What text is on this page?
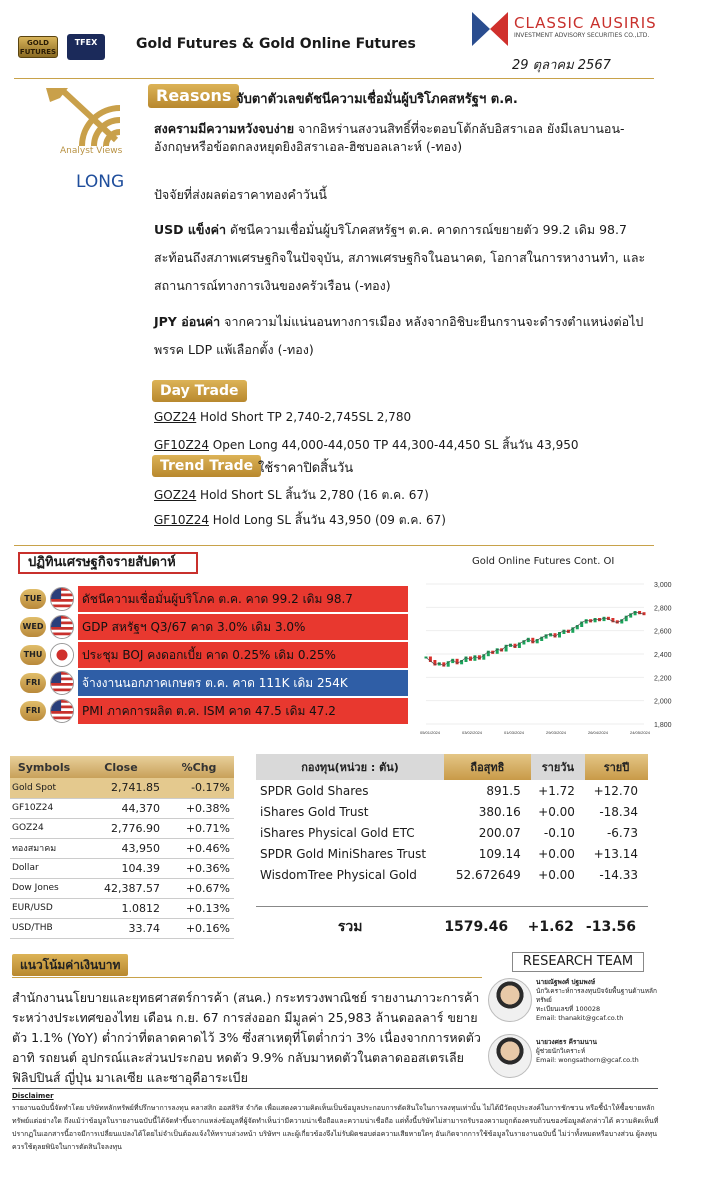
GOLD FUTURES
TFEX	Gold Futures & Gold Online Futures
CLASSIC AUSIRIS
INVESTMENT ADVISORY SECURITIES CO.,LTD.
29 ตุลาคม 2567
Analyst Views
LONG
Reasons จับตาตัวเลขดัชนีความเชื่อมั่นผู้บริโภคสหรัฐฯ ต.ค.
สงครามมีความหวังจบง่าย จากอิหร่านสงวนสิทธิ์ที่จะตอบโต้กลับอิสราเอล ยังมีเลบานอน-อังกฤษหรือข้อตกลงหยุดยิงอิสราเอล-ฮิซบอลเลาะห์ (-ทอง)
ปัจจัยที่ส่งผลต่อราคาทองคำวันนี้
USD แข็งค่า ดัชนีความเชื่อมั่นผู้บริโภคสหรัฐฯ ต.ค. คาดการณ์ขยายตัว 99.2 เดิม 98.7 สะท้อนถึงสภาพเศรษฐกิจในปัจจุบัน, สภาพเศรษฐกิจในอนาคต, โอกาสในการหางานทำ, และสถานการณ์ทางการเงินของครัวเรือน (-ทอง)
JPY อ่อนค่า จากความไม่แน่นอนทางการเมือง หลังจากอิชิบะยืนกรานจะดำรงตำแหน่งต่อไป พรรค LDP แพ้เลือกตั้ง (-ทอง)
Day Trade
GOZ24 Hold Short TP 2,740-2,745SL 2,780
GF10Z24 Open Long 44,000-44,050 TP 44,300-44,450 SL สิ้นวัน 43,950
Trend Trade ใช้ราคาปิดสิ้นวัน
GOZ24 Hold Short SL สิ้นวัน 2,780 (16 ต.ค. 67)
GF10Z24 Hold Long SL สิ้นวัน 43,950 (09 ต.ค. 67)
ปฏิทินเศรษฐกิจรายสัปดาห์
TUE	ดัชนีความเชื่อมั่นผู้บริโภค ต.ค. คาด 99.2 เดิม 98.7
WED	GDP สหรัฐฯ Q3/67 คาด 3.0% เดิม 3.0%
THU	ประชุม BOJ คงดอกเบี้ย คาด 0.25% เดิม 0.25%
FRI	จ้างงานนอกภาคเกษตร ต.ค. คาด 111K เดิม 254K
FRI	PMI ภาคการผลิต ต.ค. ISM คาด 47.5 เดิม 47.2
Gold Online Futures Cont. OI
3,000
2,800
2,600
2,400
2,200
2,000
1,800
05/01/2024	03/02/2024	01/03/2024	29/03/2024	26/04/2024	24/05/2024
Symbols	Close	%Chg
Gold Spot	2,741.85	-0.17%
GF10Z24	44,370	+0.38%
GOZ24	2,776.90	+0.71%
ทองสมาคม	43,950	+0.46%
Dollar	104.39	+0.36%
Dow Jones	42,387.57	+0.67%
EUR/USD	1.0812	+0.13%
USD/THB	33.74	+0.16%
กองทุน(หน่วย : ตัน)	ถือสุทธิ	รายวัน	รายปี
SPDR Gold Shares	891.5	+1.72	+12.70
iShares Gold Trust	380.16	+0.00	-18.34
iShares Physical Gold ETC	200.07	-0.10	-6.73
SPDR Gold MiniShares Trust	109.14	+0.00	+13.14
WisdomTree Physical Gold	52.672649	+0.00	-14.33
รวม	1579.46	+1.62	-13.56
แนวโน้มค่าเงินบาท
สำนักงานนโยบายและยุทธศาสตร์การค้า (สนค.) กระทรวงพาณิชย์ รายงานภาวะการค้าระหว่างประเทศของไทย เดือน ก.ย. 67 การส่งออก มีมูลค่า 25,983 ล้านดอลลาร์ ขยายตัว 1.1% (YoY) ต่ำกว่าที่ตลาดคาดไว้ 3% ซึ่งสาเหตุที่โตต่ำกว่า 3% เนื่องจากการหดตัว อาทิ รถยนต์ อุปกรณ์และส่วนประกอบ หดตัว 9.9% กลับมาหดตัวในตลาดออสเตรเลีย ฟิลิปปินส์ ญี่ปุ่น มาเลเซีย และซาอุดีอาระเบีย
RESEARCH TEAM
นายณัฐพงศ์ ปฐมพงษ์
นักวิเคราะห์การลงทุนปัจจัยพื้นฐานด้านหลักทรัพย์
ทะเบียนเลขที่ 100028
Email: thanakit@gcaf.co.th
นายวงศธร คีรามนาน
ผู้ช่วยนักวิเคราะห์
Email: wongsathorn@gcaf.co.th
Disclaimer
รายงานฉบับนี้จัดทำโดย บริษัทหลักทรัพย์ที่ปรึกษาการลงทุน คลาสสิก ออสสิริส จำกัด เพื่อแสดงความคิดเห็นเป็นข้อมูลประกอบการตัดสินใจในการลงทุนเท่านั้น ไม่ได้มีวัตถุประสงค์ในการชักชวน หรือชี้นำให้ซื้อขายหลักทรัพย์แต่อย่างใด ถึงแม้ว่าข้อมูลในรายงานฉบับนี้ได้จัดทำขึ้นจากแหล่งข้อมูลที่ผู้จัดทำเห็นว่ามีความน่าเชื่อถือและความน่าเชื่อถือ แต่ทั้งนี้บริษัทไม่สามารถรับรองความถูกต้องครบถ้วนของข้อมูลดังกล่าวได้ ความคิดเห็นที่ปรากฏในเอกสารนี้อาจมีการเปลี่ยนแปลงได้โดยไม่จำเป็นต้องแจ้งให้ทราบล่วงหน้า บริษัทฯ และผู้เกี่ยวข้องจึงไม่รับผิดชอบต่อความเสียหายใดๆ อันเกิดจากการใช้ข้อมูลในรายงานฉบับนี้ ไม่ว่าทั้งหมดหรือบางส่วน ผู้ลงทุนควรใช้ดุลยพินิจในการตัดสินใจลงทุน
